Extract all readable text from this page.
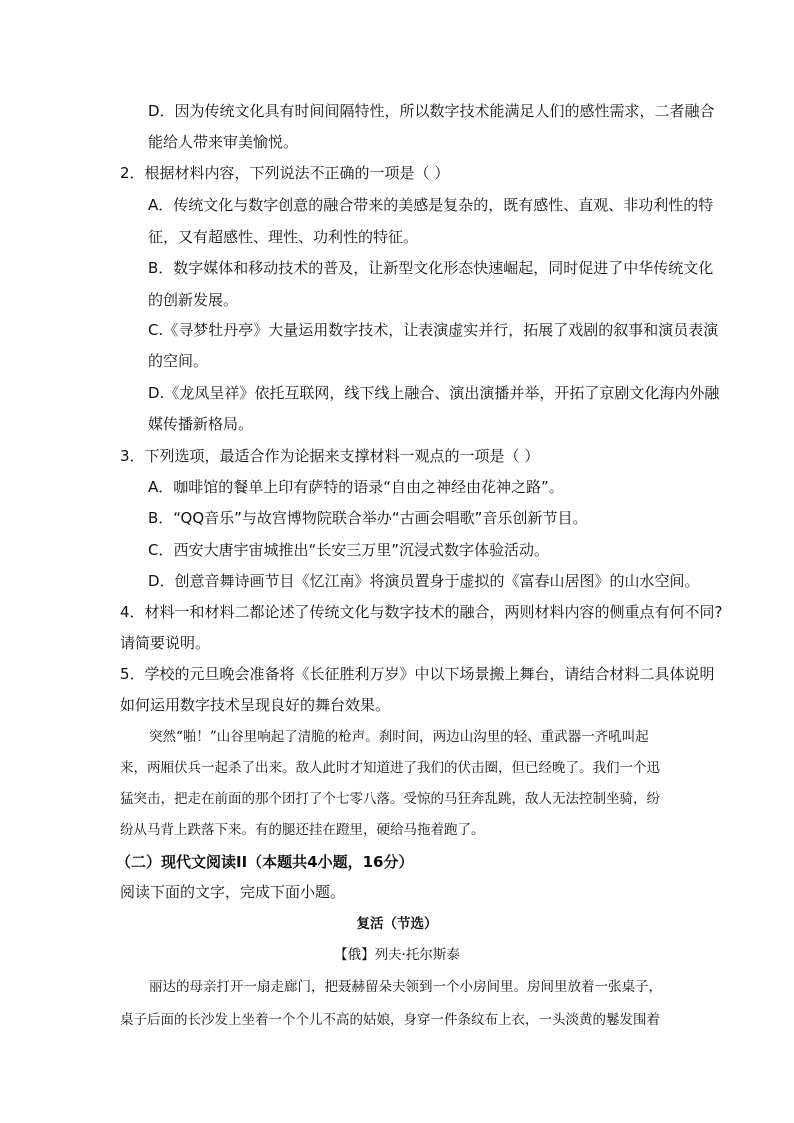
D．因为传统文化具有时间间隔特性，所以数字技术能满足人们的感性需求，二者融合
能给人带来审美愉悦。
2．根据材料内容，下列说法不正确的一项是（ ）
A．传统文化与数字创意的融合带来的美感是复杂的，既有感性、直观、非功利性的特
征，又有超感性、理性、功利性的特征。
B．数字媒体和移动技术的普及，让新型文化形态快速崛起，同时促进了中华传统文化
的创新发展。
C.《寻梦牡丹亭》大量运用数字技术，让表演虚实并行，拓展了戏剧的叙事和演员表演
的空间。
D.《龙凤呈祥》依托互联网，线下线上融合、演出演播并举，开拓了京剧文化海内外融
媒传播新格局。
3．下列选项，最适合作为论据来支撑材料一观点的一项是（ ）
A．咖啡馆的餐单上印有萨特的语录“自由之神经由花神之路”。
B．“QQ音乐”与故宫博物院联合举办“古画会唱歌”音乐创新节目。
C．西安大唐宇宙城推出“长安三万里”沉浸式数字体验活动。
D．创意音舞诗画节目《忆江南》将演员置身于虚拟的《富春山居图》的山水空间。
4．材料一和材料二都论述了传统文化与数字技术的融合，两则材料内容的侧重点有何不同?
请简要说明。
5．学校的元旦晚会准备将《长征胜利万岁》中以下场景搬上舞台，请结合材料二具体说明
如何运用数字技术呈现良好的舞台效果。
突然“啪！”山谷里响起了清脆的枪声。刹时间，两边山沟里的轻、重武器一齐吼叫起
来，两厢伏兵一起杀了出来。敌人此时才知道进了我们的伏击圈，但已经晚了。我们一个迅
猛突击，把走在前面的那个团打了个七零八落。受惊的马狂奔乱跳，敌人无法控制坐骑，纷
纷从马背上跌落下来。有的腿还挂在蹬里，硬给马拖着跑了。
（二）现代文阅读II（本题共4小题，16分）
阅读下面的文字，完成下面小题。
复活（节选）
【俄】列夫·托尔斯泰
丽达的母亲打开一扇走廊门，把聂赫留朵夫领到一个小房间里。房间里放着一张桌子，
桌子后面的长沙发上坐着一个个儿不高的姑娘，身穿一件条纹布上衣，一头淡黄的鬈发围着
